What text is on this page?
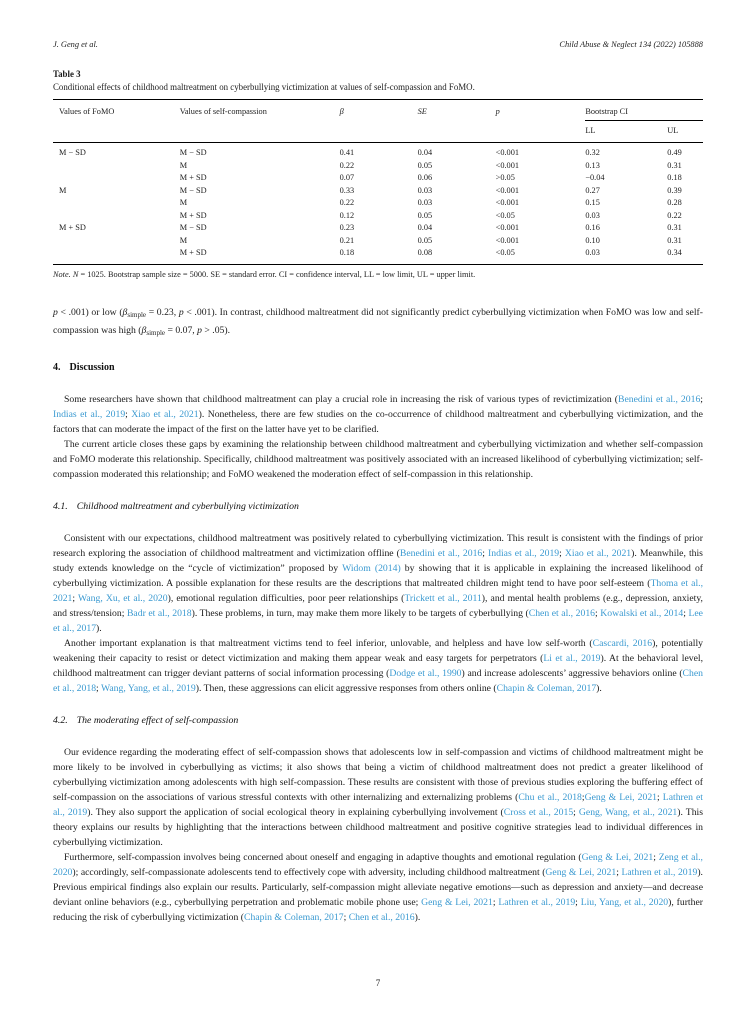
J. Geng et al.	Child Abuse & Neglect 134 (2022) 105888
Table 3
Conditional effects of childhood maltreatment on cyberbullying victimization at values of self-compassion and FoMO.
Values of FoMO	Values of self-compassion	β	SE	p	Bootstrap CI	
					LL	UL
M − SD	M − SD	0.41	0.04	<0.001	0.32	0.49
	M	0.22	0.05	<0.001	0.13	0.31
	M + SD	0.07	0.06	>0.05	−0.04	0.18
M	M − SD	0.33	0.03	<0.001	0.27	0.39
	M	0.22	0.03	<0.001	0.15	0.28
	M + SD	0.12	0.05	<0.05	0.03	0.22
M + SD	M − SD	0.23	0.04	<0.001	0.16	0.31
	M	0.21	0.05	<0.001	0.10	0.31
	M + SD	0.18	0.08	<0.05	0.03	0.34
Note. N = 1025. Bootstrap sample size = 5000. SE = standard error. CI = confidence interval, LL = low limit, UL = upper limit.

p < .001) or low ($\beta_{simple} = 0.23$, p < .001). In contrast, childhood maltreatment did not significantly predict cyberbullying victimization when FoMO was low and self-compassion was high ($\beta_{simple} = 0.07$, p > .05).

4. Discussion

Some researchers have shown that childhood maltreatment can play a crucial role in increasing the risk of various types of revictimization (Benedini et al., 2016; Indias et al., 2019; Xiao et al., 2021). Nonetheless, there are few studies on the co-occurrence of childhood maltreatment and cyberbullying victimization, and the factors that can moderate the impact of the first on the latter have yet to be clarified.

The current article closes these gaps by examining the relationship between childhood maltreatment and cyberbullying victimization and whether self-compassion and FoMO moderate this relationship. Specifically, childhood maltreatment was positively associated with an increased likelihood of cyberbullying victimization; self-compassion moderated this relationship; and FoMO weakened the moderation effect of self-compassion in this relationship.

4.1. Childhood maltreatment and cyberbullying victimization

Consistent with our expectations, childhood maltreatment was positively related to cyberbullying victimization. This result is consistent with the findings of prior research exploring the association of childhood maltreatment and victimization offline (Benedini et al., 2016; Indias et al., 2019; Xiao et al., 2021). Meanwhile, this study extends knowledge on the “cycle of victimization” proposed by Widom (2014) by showing that it is applicable in explaining the increased likelihood of cyberbullying victimization. A possible explanation for these results are the descriptions that maltreated children might tend to have poor self-esteem (Thoma et al., 2021; Wang, Xu, et al., 2020), emotional regulation difficulties, poor peer relationships (Trickett et al., 2011), and mental health problems (e.g., depression, anxiety, and stress/tension; Badr et al., 2018). These problems, in turn, may make them more likely to be targets of cyberbullying (Chen et al., 2016; Kowalski et al., 2014; Lee et al., 2017).

Another important explanation is that maltreatment victims tend to feel inferior, unlovable, and helpless and have low self-worth (Cascardi, 2016), potentially weakening their capacity to resist or detect victimization and making them appear weak and easy targets for perpetrators (Li et al., 2019). At the behavioral level, childhood maltreatment can trigger deviant patterns of social information processing (Dodge et al., 1990) and increase adolescents’ aggressive behaviors online (Chen et al., 2018; Wang, Yang, et al., 2019). Then, these aggressions can elicit aggressive responses from others online (Chapin & Coleman, 2017).

4.2. The moderating effect of self-compassion

Our evidence regarding the moderating effect of self-compassion shows that adolescents low in self-compassion and victims of childhood maltreatment might be more likely to be involved in cyberbullying as victims; it also shows that being a victim of childhood maltreatment does not predict a greater likelihood of cyberbullying victimization among adolescents with high self-compassion. These results are consistent with those of previous studies exploring the buffering effect of self-compassion on the associations of various stressful contexts with other internalizing and externalizing problems (Chu et al., 2018;Geng & Lei, 2021; Lathren et al., 2019). They also support the application of social ecological theory in explaining cyberbullying involvement (Cross et al., 2015; Geng, Wang, et al., 2021). This theory explains our results by highlighting that the interactions between childhood maltreatment and positive cognitive strategies lead to individual differences in cyberbullying victimization.

Furthermore, self-compassion involves being concerned about oneself and engaging in adaptive thoughts and emotional regulation (Geng & Lei, 2021; Zeng et al., 2020); accordingly, self-compassionate adolescents tend to effectively cope with adversity, including childhood maltreatment (Geng & Lei, 2021; Lathren et al., 2019). Previous empirical findings also explain our results. Particularly, self-compassion might alleviate negative emotions—such as depression and anxiety—and decrease deviant online behaviors (e.g., cyberbullying perpetration and problematic mobile phone use; Geng & Lei, 2021; Lathren et al., 2019; Liu, Yang, et al., 2020), further reducing the risk of cyberbullying victimization (Chapin & Coleman, 2017; Chen et al., 2016).

7
